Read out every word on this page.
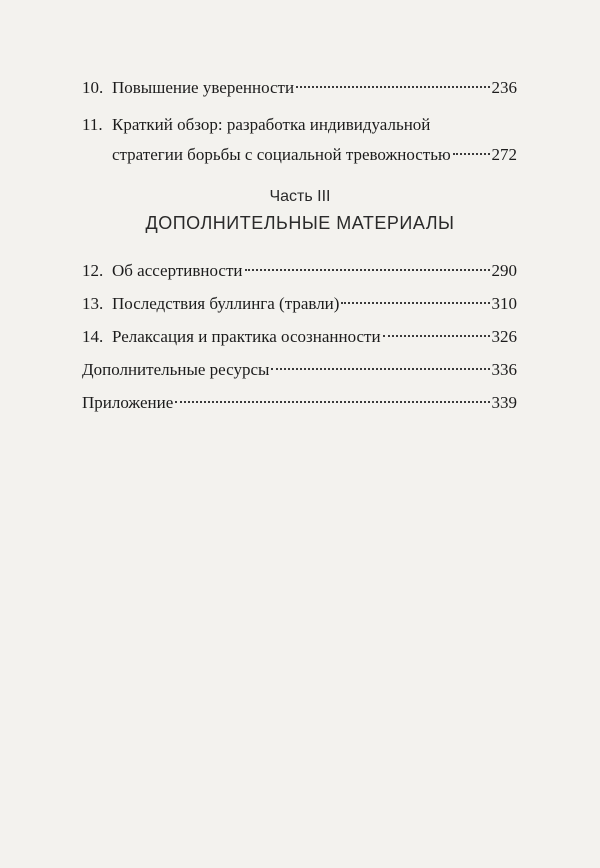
10. Повышение уверенности	236
11. Краткий обзор: разработка индивидуальной
стратегии борьбы с социальной тревожностью 272
Часть III
ДОПОЛНИТЕЛЬНЫЕ МАТЕРИАЛЫ
12. Об ассертивности	290
13. Последствия буллинга (травли)	310
14. Релаксация и практика осознанности	326
Дополнительные ресурсы	336
Приложение	339
